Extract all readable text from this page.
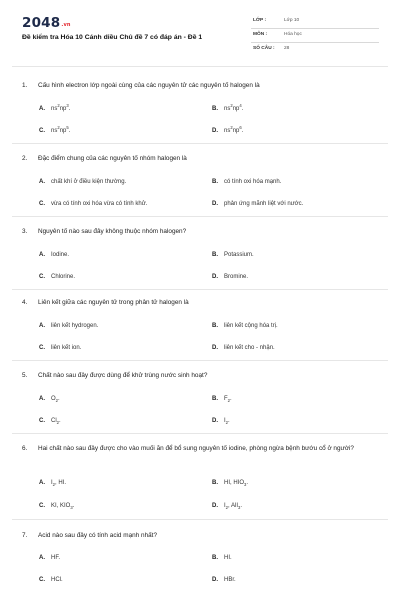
2048.vn
Đề kiểm tra Hóa 10 Cánh diều Chủ đề 7 có đáp án - Đề 1
LỚP :	Lớp 10
MÔN :	Hóa học
SỐ CÂU : 28
1.	Cấu hình electron lớp ngoài cùng của các nguyên tử các nguyên tố halogen là
A. $ns^2np^3$.	B. $ns^2np^4$.
C. $ns^2np^5$.	D. $ns^2np^6$.
2.	Đặc điểm chung của các nguyên tố nhóm halogen là
A. chất khí ở điều kiện thường.	B. có tính oxi hóa mạnh.
C. vừa có tính oxi hóa vừa có tính khử.	D. phản ứng mãnh liệt với nước.
3.	Nguyên tố nào sau đây không thuộc nhóm halogen?
A. Iodine.	B. Potassium.
C. Chlorine.	D. Bromine.
4.	Liên kết giữa các nguyên tử trong phân tử halogen là
A. liên kết hydrogen.	B. liên kết cộng hóa trị.
C. liên kết ion.	D. liên kết cho - nhận.
5.	Chất nào sau đây được dùng để khử trùng nước sinh hoạt?
A. $O_2$.	B. $F_2$.
C. $Cl_2$.	D. $I_2$.
6.	Hai chất nào sau đây được cho vào muối ăn để bổ sung nguyên tố iodine, phòng ngừa bệnh bướu cổ ở người?
A. $I_2$, HI.	B. HI, $HIO_3$.
C. KI, $KIO_3$.	D. $I_2$, AlI$_3$.
7.	Acid nào sau đây có tính acid mạnh nhất?
A. HF.	B. HI.
C. HCl.	D. HBr.
